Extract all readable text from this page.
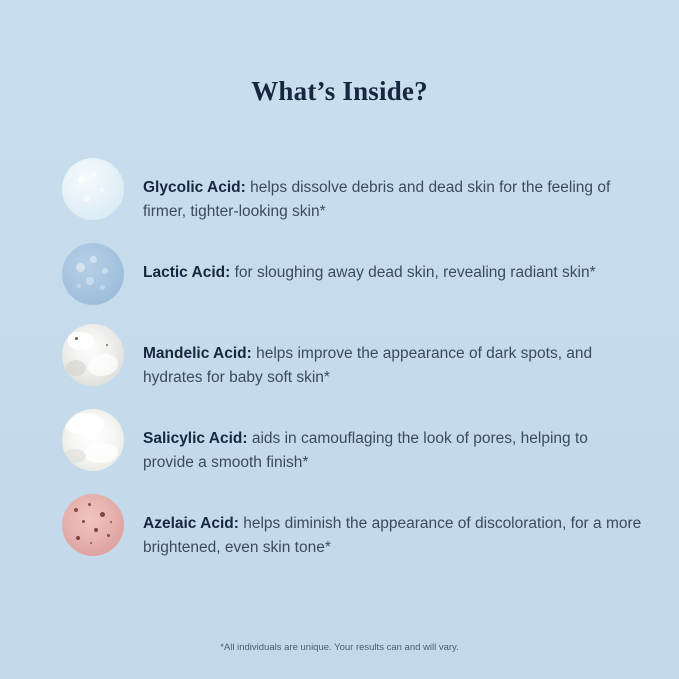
What’s Inside?
Glycolic Acid: helps dissolve debris and dead skin for the feeling of firmer, tighter-looking skin*
Lactic Acid: for sloughing away dead skin, revealing radiant skin*
Mandelic Acid: helps improve the appearance of dark spots, and hydrates for baby soft skin*
Salicylic Acid: aids in camouflaging the look of pores, helping to provide a smooth finish*
Azelaic Acid: helps diminish the appearance of discoloration, for a more brightened, even skin tone*
*All individuals are unique. Your results can and will vary.
